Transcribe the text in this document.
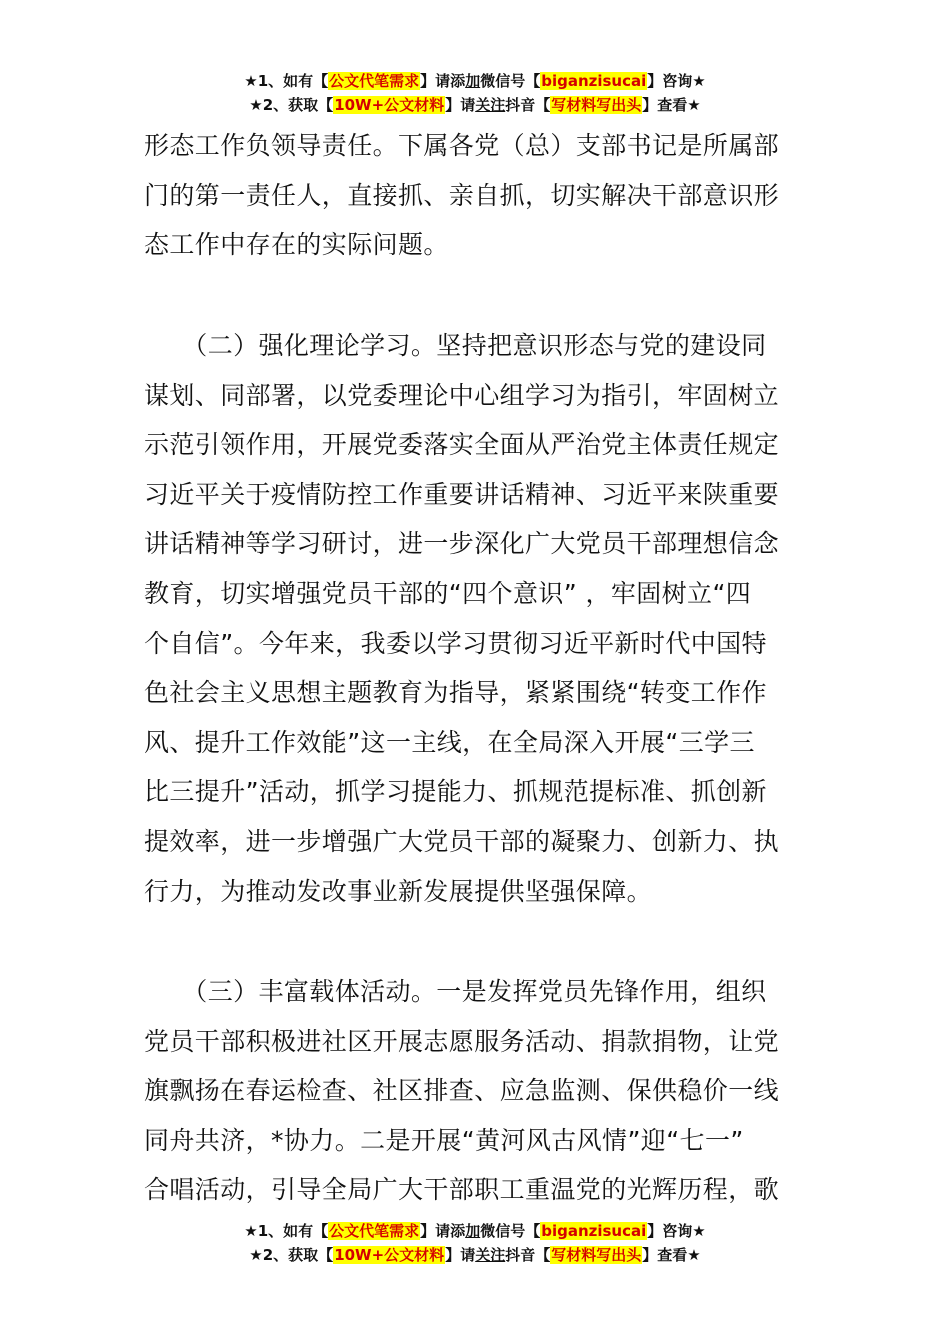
★1、如有【公文代笔需求】请添加微信号【biganzisucai】咨询★
★2、获取【10W+公文材料】请关注抖音【写材料写出头】查看★
形态工作负领导责任。下属各党（总）支部书记是所属部
门的第一责任人，直接抓、亲自抓，切实解决干部意识形
态工作中存在的实际问题。
　　（二）强化理论学习。坚持把意识形态与党的建设同
谋划、同部署，以党委理论中心组学习为指引，牢固树立
示范引领作用，开展党委落实全面从严治党主体责任规定
习近平关于疫情防控工作重要讲话精神、习近平来陕重要
讲话精神等学习研讨，进一步深化广大党员干部理想信念
教育，切实增强党员干部的“四个意识” ，牢固树立“四
个自信”。今年来，我委以学习贯彻习近平新时代中国特
色社会主义思想主题教育为指导，紧紧围绕“转变工作作
风、提升工作效能”这一主线，在全局深入开展“三学三
比三提升”活动，抓学习提能力、抓规范提标准、抓创新
提效率，进一步增强广大党员干部的凝聚力、创新力、执
行力，为推动发改事业新发展提供坚强保障。
　　（三）丰富载体活动。一是发挥党员先锋作用，组织
党员干部积极进社区开展志愿服务活动、捐款捐物，让党
旗飘扬在春运检查、社区排查、应急监测、保供稳价一线
同舟共济，*协力。二是开展“黄河风古风情”迎“七一”
合唱活动，引导全局广大干部职工重温党的光辉历程，歌
★1、如有【公文代笔需求】请添加微信号【biganzisucai】咨询★
★2、获取【10W+公文材料】请关注抖音【写材料写出头】查看★
